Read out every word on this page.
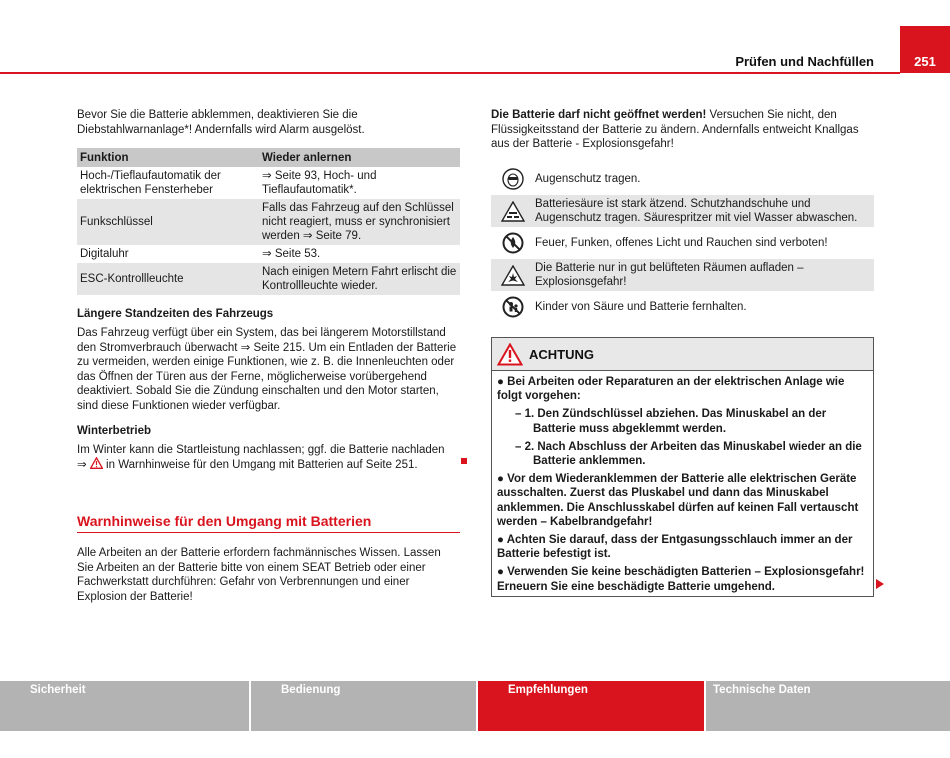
Prüfen und Nachfüllen	251
Bevor Sie die Batterie abklemmen, deaktivieren Sie die Diebstahlwarnanlage*! Andernfalls wird Alarm ausgelöst.
Funktion	Wieder anlernen
Hoch-/Tieflaufautomatik der elektrischen Fensterheber	⇒ Seite 93, Hoch- und Tieflaufautomatik*.
Funkschlüssel	Falls das Fahrzeug auf den Schlüssel nicht reagiert, muss er synchronisiert werden ⇒ Seite 79.
Digitaluhr	⇒ Seite 53.
ESC-Kontrollleuchte	Nach einigen Metern Fahrt erlischt die Kontrollleuchte wieder.
Längere Standzeiten des Fahrzeugs
Das Fahrzeug verfügt über ein System, das bei längerem Motorstillstand den Stromverbrauch überwacht ⇒ Seite 215. Um ein Entladen der Batterie zu vermeiden, werden einige Funktionen, wie z. B. die Innenleuchten oder das Öffnen der Türen aus der Ferne, möglicherweise vorübergehend deaktiviert. Sobald Sie die Zündung einschalten und den Motor starten, sind diese Funktionen wieder verfügbar.
Winterbetrieb
Im Winter kann die Startleistung nachlassen; ggf. die Batterie nachladen
⇒ in Warnhinweise für den Umgang mit Batterien auf Seite 251.
Warnhinweise für den Umgang mit Batterien
Alle Arbeiten an der Batterie erfordern fachmännisches Wissen. Lassen Sie Arbeiten an der Batterie bitte von einem SEAT Betrieb oder einer Fachwerkstatt durchführen: Gefahr von Verbrennungen und einer Explosion der Batterie!
Die Batterie darf nicht geöffnet werden! Versuchen Sie nicht, den Flüssigkeitsstand der Batterie zu ändern. Andernfalls entweicht Knallgas aus der Batterie - Explosionsgefahr!
Augenschutz tragen.
Batteriesäure ist stark ätzend. Schutzhandschuhe und Augenschutz tragen. Säurespritzer mit viel Wasser abwaschen.
Feuer, Funken, offenes Licht und Rauchen sind verboten!
Die Batterie nur in gut belüfteten Räumen aufladen – Explosionsgefahr!
Kinder von Säure und Batterie fernhalten.
ACHTUNG
● Bei Arbeiten oder Reparaturen an der elektrischen Anlage wie folgt vorgehen:
– 1. Den Zündschlüssel abziehen. Das Minuskabel an der Batterie muss abgeklemmt werden.
– 2. Nach Abschluss der Arbeiten das Minuskabel wieder an die Batterie anklemmen.
● Vor dem Wiederanklemmen der Batterie alle elektrischen Geräte ausschalten. Zuerst das Pluskabel und dann das Minuskabel anklemmen. Die Anschlusskabel dürfen auf keinen Fall vertauscht werden – Kabelbrandgefahr!
● Achten Sie darauf, dass der Entgasungsschlauch immer an der Batterie befestigt ist.
● Verwenden Sie keine beschädigten Batterien – Explosionsgefahr! Erneuern Sie eine beschädigte Batterie umgehend.
Sicherheit	Bedienung	Empfehlungen	Technische Daten
